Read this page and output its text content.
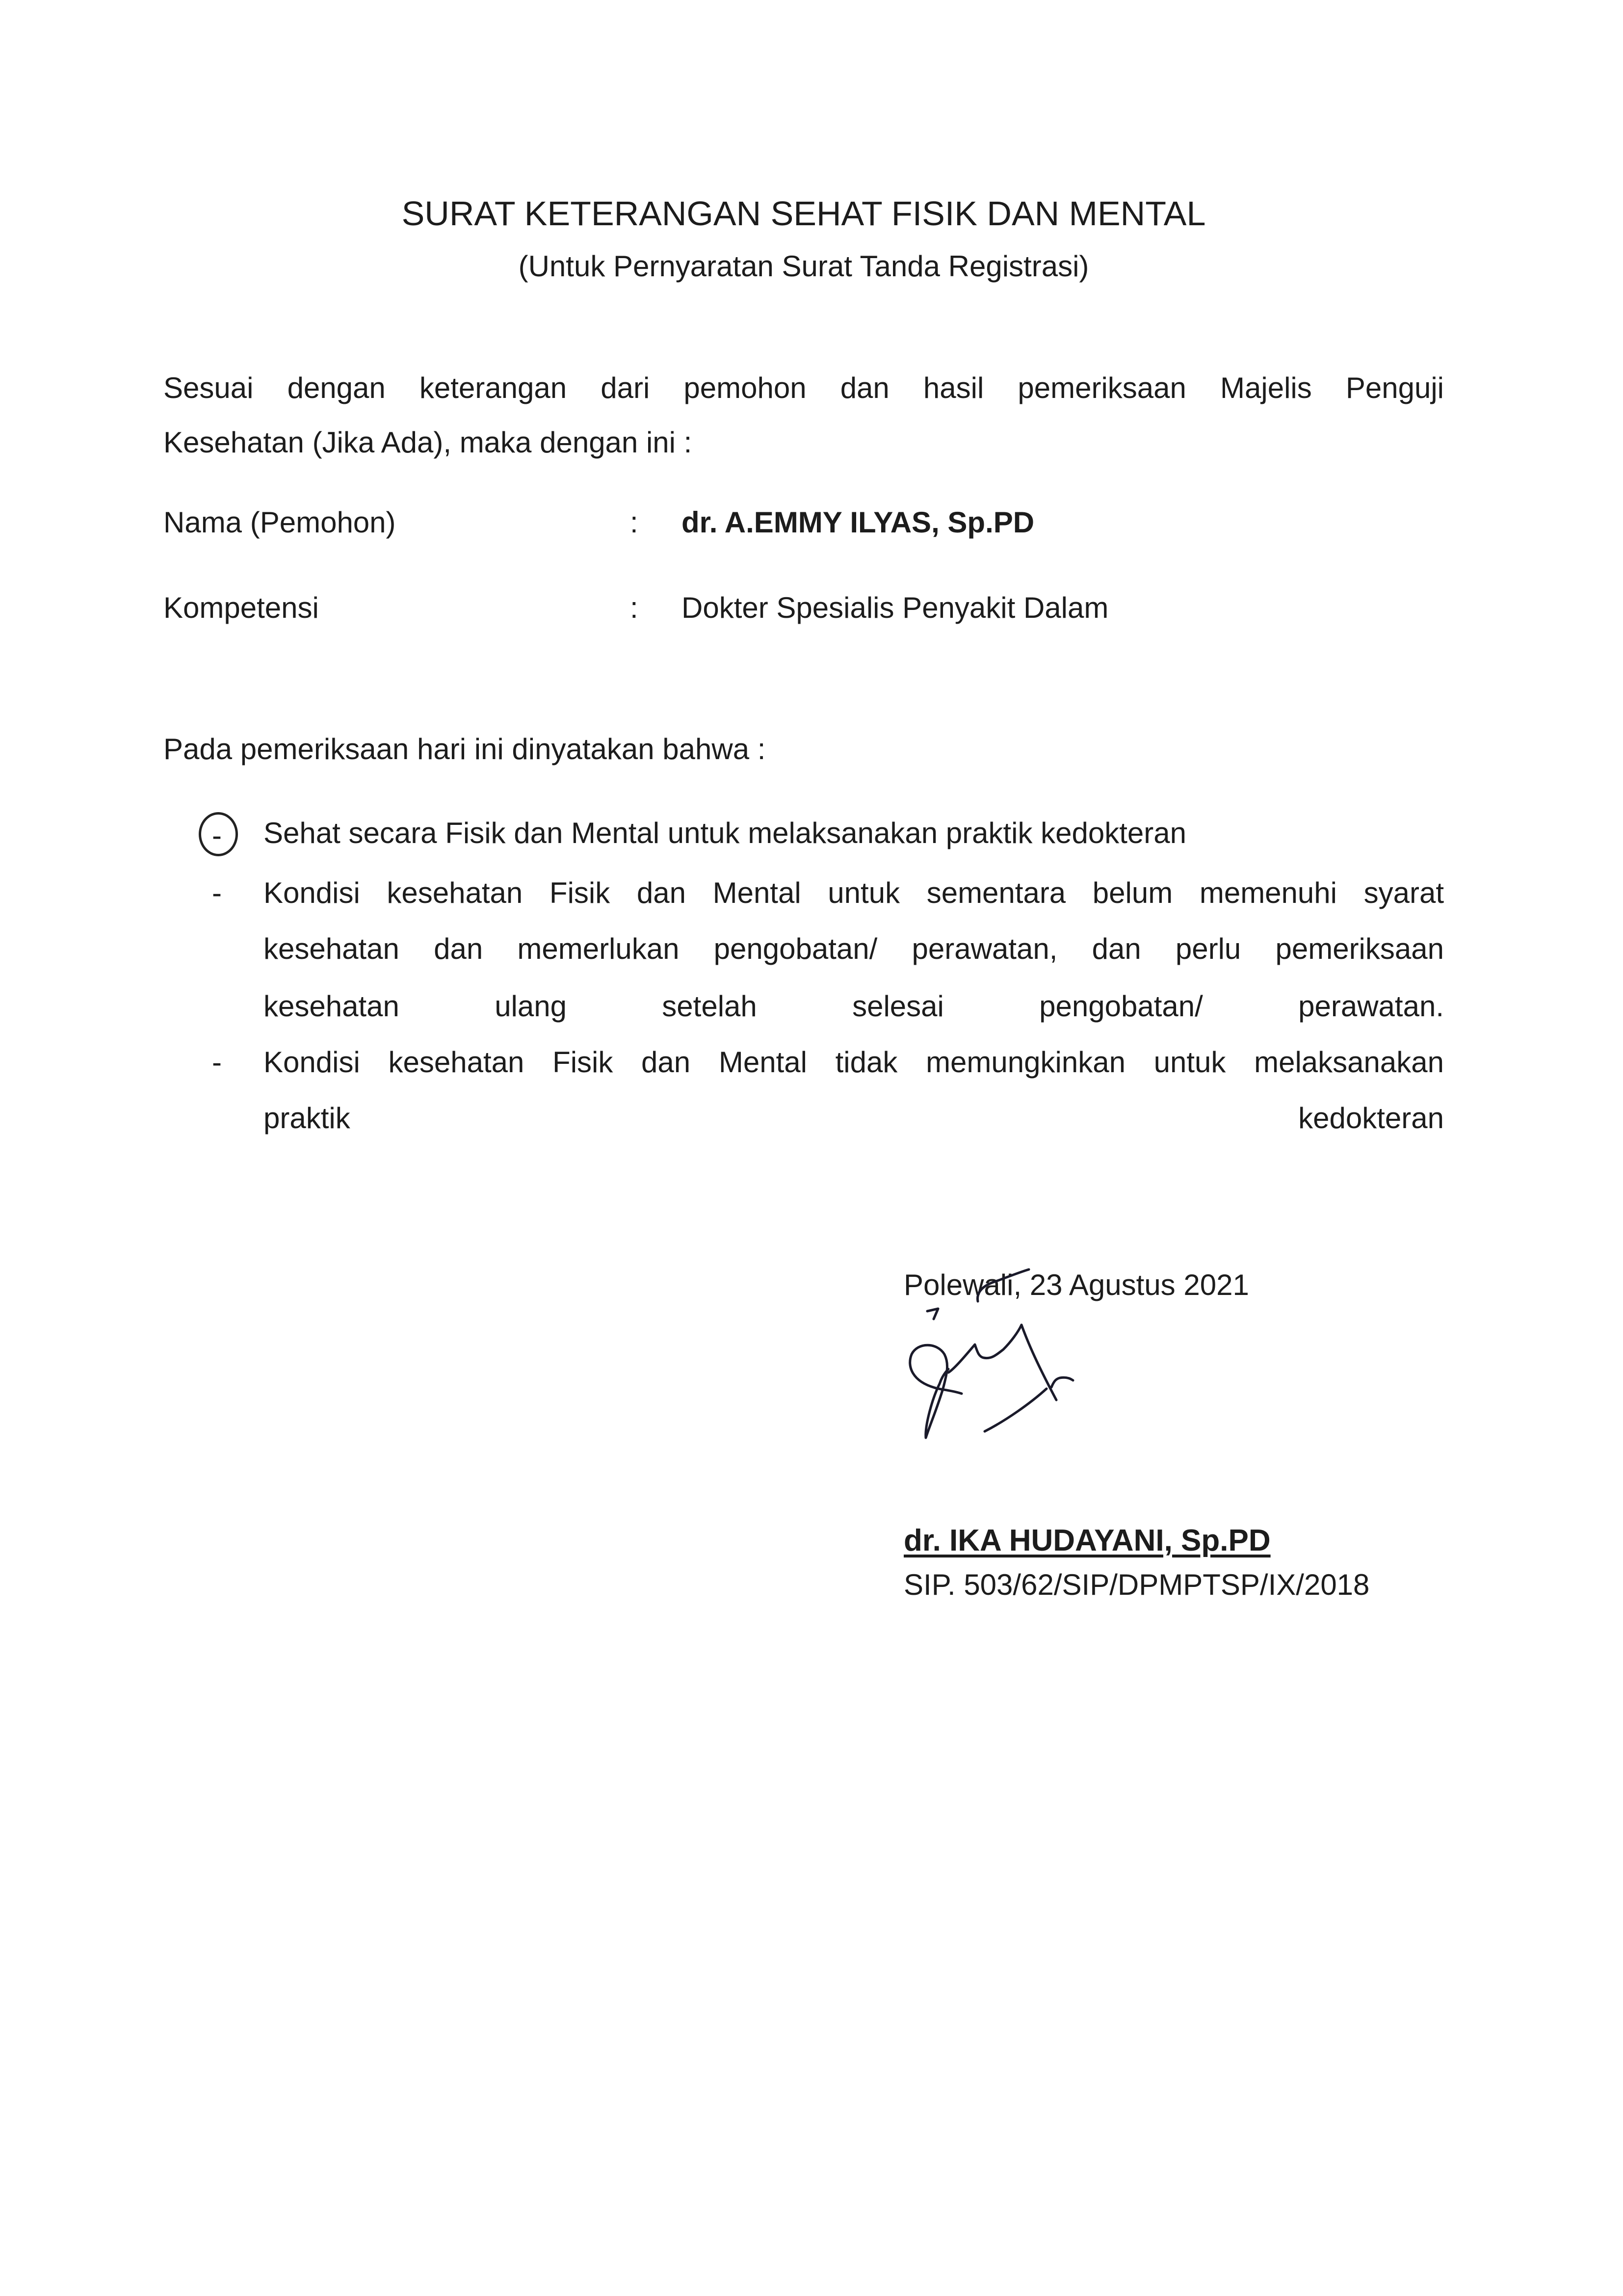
SURAT KETERANGAN SEHAT FISIK DAN MENTAL
(Untuk Pernyaratan Surat Tanda Registrasi)
Sesuai dengan keterangan dari pemohon dan hasil pemeriksaan Majelis Penguji
Kesehatan (Jika Ada), maka dengan ini :
Nama (Pemohon)	: dr. A.EMMY ILYAS, Sp.PD
Kompetensi	: Dokter Spesialis Penyakit Dalam
Pada pemeriksaan hari ini dinyatakan bahwa :
- Sehat secara Fisik dan Mental untuk melaksanakan praktik kedokteran
- Kondisi kesehatan Fisik dan Mental untuk sementara belum memenuhi syarat
kesehatan dan memerlukan pengobatan/ perawatan, dan perlu pemeriksaan
kesehatan ulang setelah selesai pengobatan/ perawatan.
- Kondisi kesehatan Fisik dan Mental tidak memungkinkan untuk melaksanakan
praktik kedokteran
Polewali, 23 Agustus 2021
dr. IKA HUDAYANI, Sp.PD
SIP. 503/62/SIP/DPMPTSP/IX/2018
